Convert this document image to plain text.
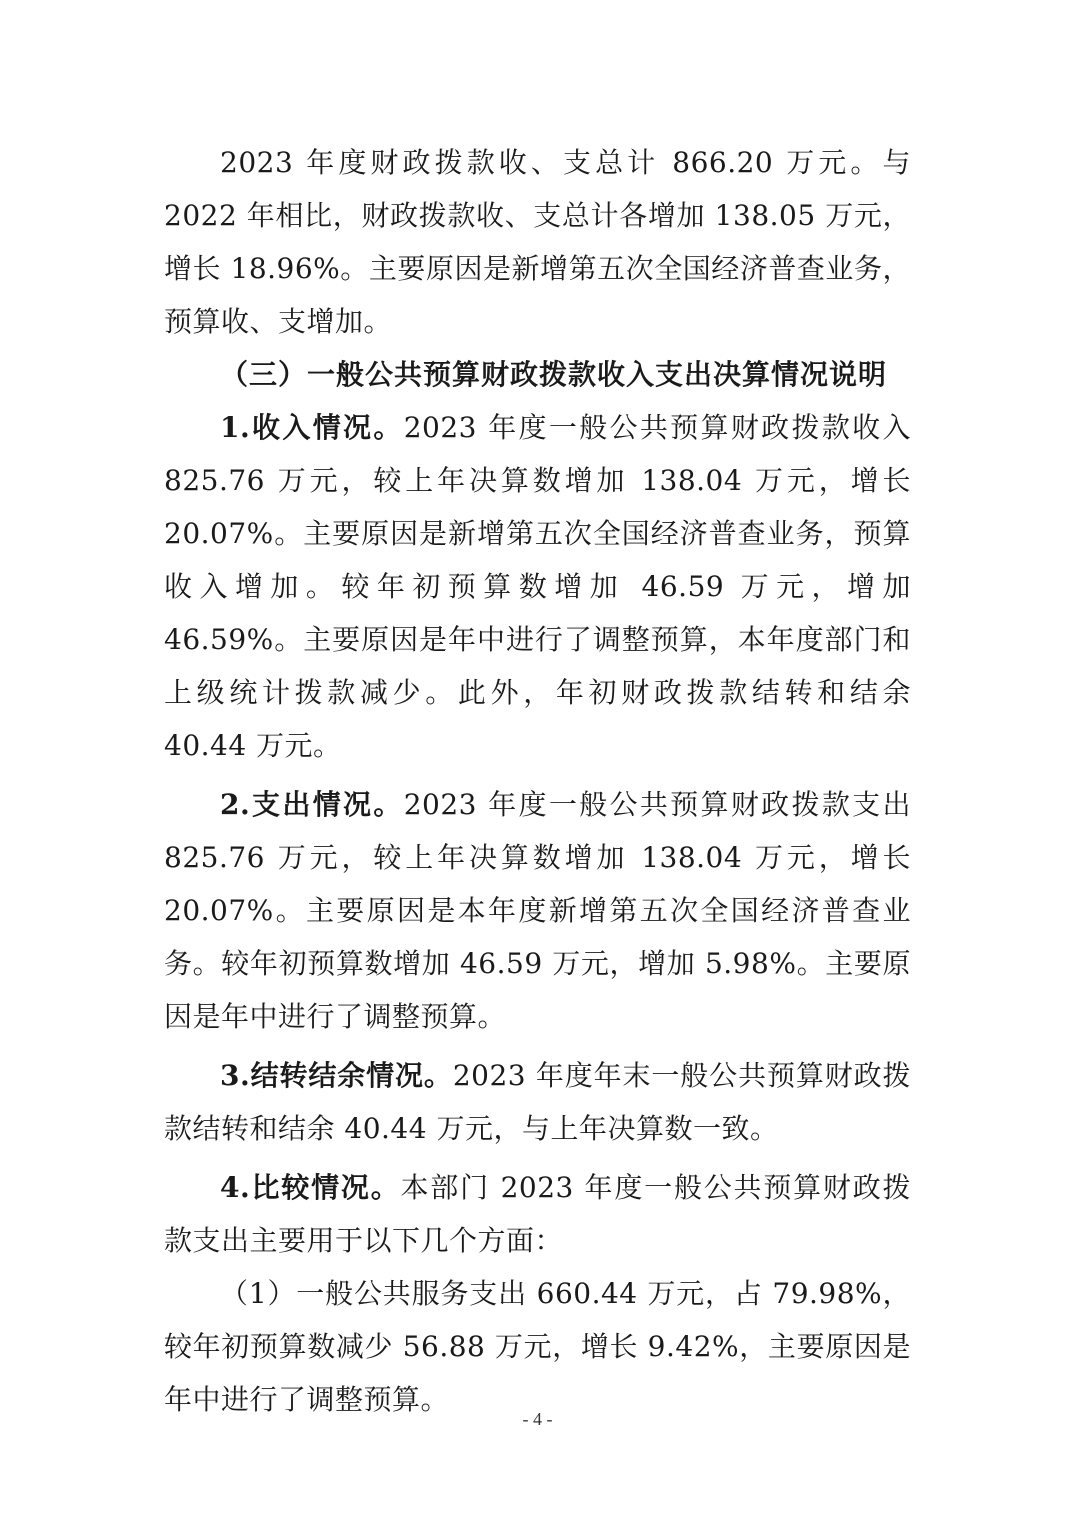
2023 年度财政拨款收、支总计 866.20 万元。与 2022 年相比，财政拨款收、支总计各增加 138.05 万元，增长 18.96%。主要原因是新增第五次全国经济普查业务，预算收、支增加。

（三）一般公共预算财政拨款收入支出决算情况说明

1.收入情况。2023 年度一般公共预算财政拨款收入 825.76 万元，较上年决算数增加 138.04 万元，增长 20.07%。主要原因是新增第五次全国经济普查业务，预算收入增加。较年初预算数增加 46.59 万元，增加 46.59%。主要原因是年中进行了调整预算，本年度部门和上级统计拨款减少。此外，年初财政拨款结转和结余 40.44 万元。

2.支出情况。2023 年度一般公共预算财政拨款支出 825.76 万元，较上年决算数增加 138.04 万元，增长 20.07%。主要原因是本年度新增第五次全国经济普查业务。较年初预算数增加 46.59 万元，增加 5.98%。主要原因是年中进行了调整预算。

3.结转结余情况。2023 年度年末一般公共预算财政拨款结转和结余 40.44 万元，与上年决算数一致。

4.比较情况。本部门 2023 年度一般公共预算财政拨款支出主要用于以下几个方面：

（1）一般公共服务支出 660.44 万元，占 79.98%，较年初预算数减少 56.88 万元，增长 9.42%，主要原因是年中进行了调整预算。

- 4 -
